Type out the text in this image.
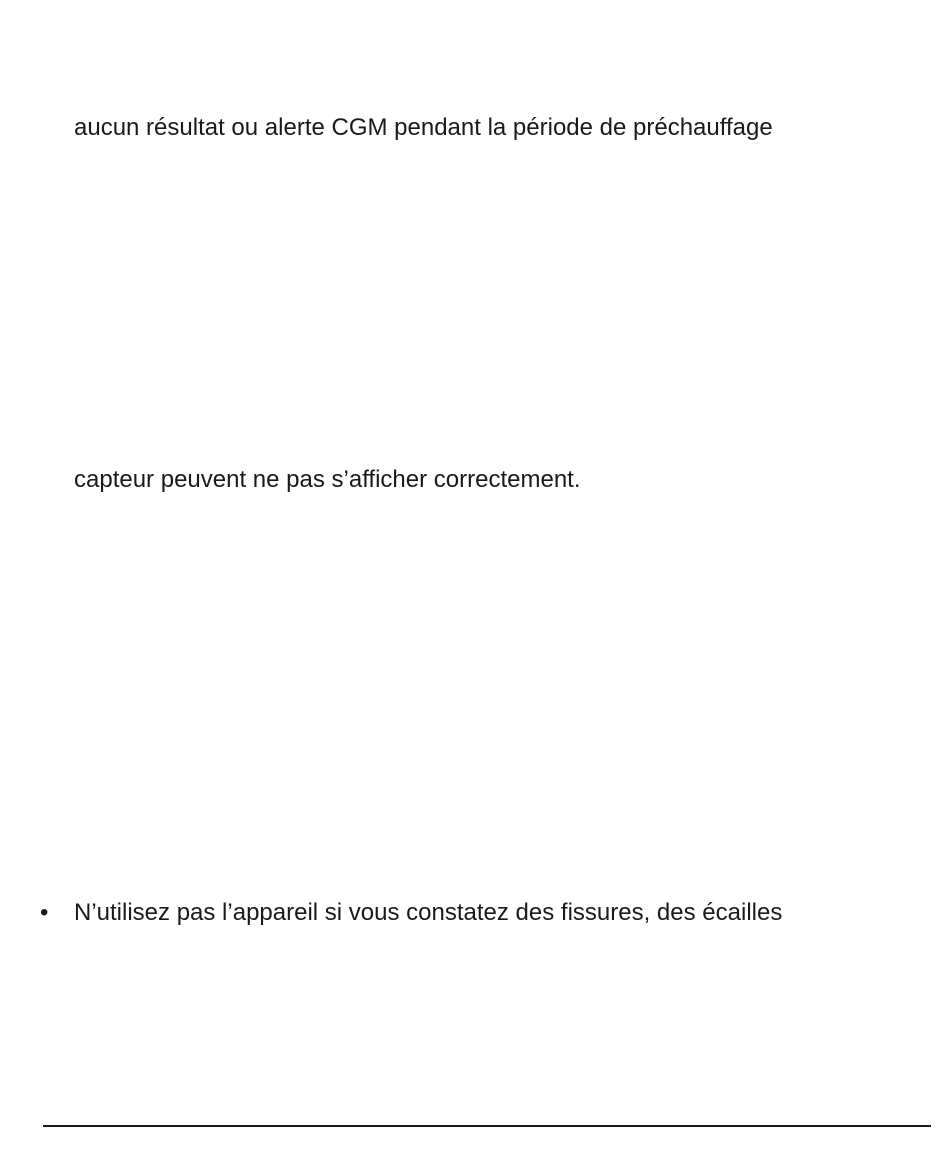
aucun résultat ou alerte CGM pendant la période de préchauffage

capteur peuvent ne pas s’afficher correctement.

• N’utilisez pas l’appareil si vous constatez des fissures, des écailles
